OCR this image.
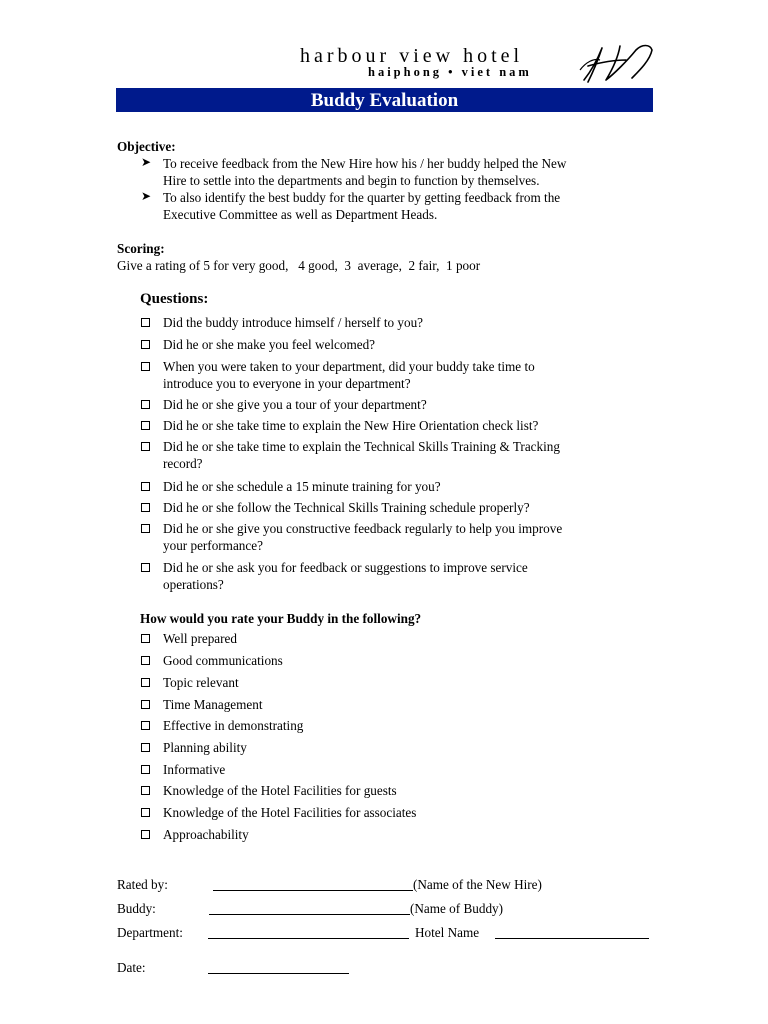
harbour view hotel
haiphong • viet nam
Buddy Evaluation
Objective:
➤ To receive feedback from the New Hire how his / her buddy helped the New
Hire to settle into the departments and begin to function by themselves.
➤ To also identify the best buddy for the quarter by getting feedback from the
Executive Committee as well as Department Heads.
Scoring:
Give a rating of 5 for very good,   4 good,  3  average,  2 fair,  1 poor
Questions:
Did the buddy introduce himself / herself to you?
Did he or she make you feel welcomed?
When you were taken to your department, did your buddy take time to
introduce you to everyone in your department?
Did he or she give you a tour of your department?
Did he or she take time to explain the New Hire Orientation check list?
Did he or she take time to explain the Technical Skills Training & Tracking
record?
Did he or she schedule a 15 minute training for you?
Did he or she follow the Technical Skills Training schedule properly?
Did he or she give you constructive feedback regularly to help you improve
your performance?
Did he or she ask you for feedback or suggestions to improve service
operations?
How would you rate your Buddy in the following?
Well prepared
Good communications
Topic relevant
Time Management
Effective in demonstrating
Planning ability
Informative
Knowledge of the Hotel Facilities for guests
Knowledge of the Hotel Facilities for associates
Approachability
Rated by:	(Name of the New Hire)
Buddy:	(Name of Buddy)
Department:	Hotel Name
Date:
